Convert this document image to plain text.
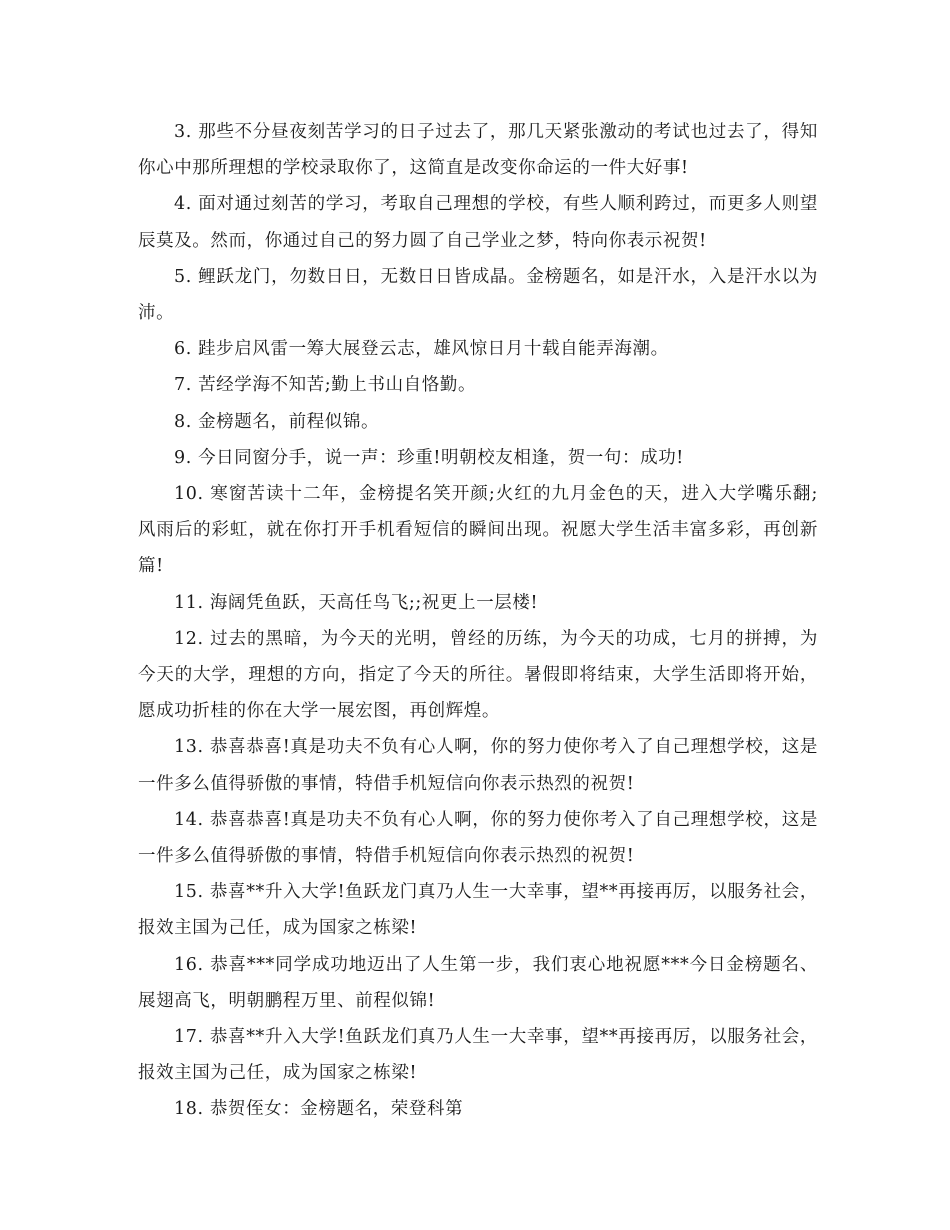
3. 那些不分昼夜刻苦学习的日子过去了，那几天紧张激动的考试也过去了，得知你心中那所理想的学校录取你了，这简直是改变你命运的一件大好事!

4. 面对通过刻苦的学习，考取自己理想的学校，有些人顺利跨过，而更多人则望辰莫及。然而，你通过自己的努力圆了自己学业之梦，特向你表示祝贺!

5. 鲤跃龙门，勿数日日，无数日日皆成晶。金榜题名，如是汗水，入是汗水以为沛。

6. 跬步启风雷一筹大展登云志，雄风惊日月十载自能弄海潮。

7. 苦经学海不知苦;勤上书山自恪勤。

8. 金榜题名，前程似锦。

9. 今日同窗分手，说一声：珍重!明朝校友相逢，贺一句：成功!

10. 寒窗苦读十二年，金榜提名笑开颜;火红的九月金色的天，进入大学嘴乐翻;风雨后的彩虹，就在你打开手机看短信的瞬间出现。祝愿大学生活丰富多彩，再创新篇!

11. 海阔凭鱼跃，天高任鸟飞;;祝更上一层楼!

12. 过去的黑暗，为今天的光明，曾经的历练，为今天的功成，七月的拼搏，为今天的大学，理想的方向，指定了今天的所往。暑假即将结束，大学生活即将开始，愿成功折桂的你在大学一展宏图，再创辉煌。

13. 恭喜恭喜!真是功夫不负有心人啊，你的努力使你考入了自己理想学校，这是一件多么值得骄傲的事情，特借手机短信向你表示热烈的祝贺!

14. 恭喜恭喜!真是功夫不负有心人啊，你的努力使你考入了自己理想学校，这是一件多么值得骄傲的事情，特借手机短信向你表示热烈的祝贺!

15. 恭喜**升入大学!鱼跃龙门真乃人生一大幸事，望**再接再厉，以服务社会，报效主国为己任，成为国家之栋梁!

16. 恭喜***同学成功地迈出了人生第一步，我们衷心地祝愿***今日金榜题名、展翅高飞，明朝鹏程万里、前程似锦!

17. 恭喜**升入大学!鱼跃龙们真乃人生一大幸事，望**再接再厉，以服务社会，报效主国为己任，成为国家之栋梁!

18. 恭贺侄女：金榜题名，荣登科第
